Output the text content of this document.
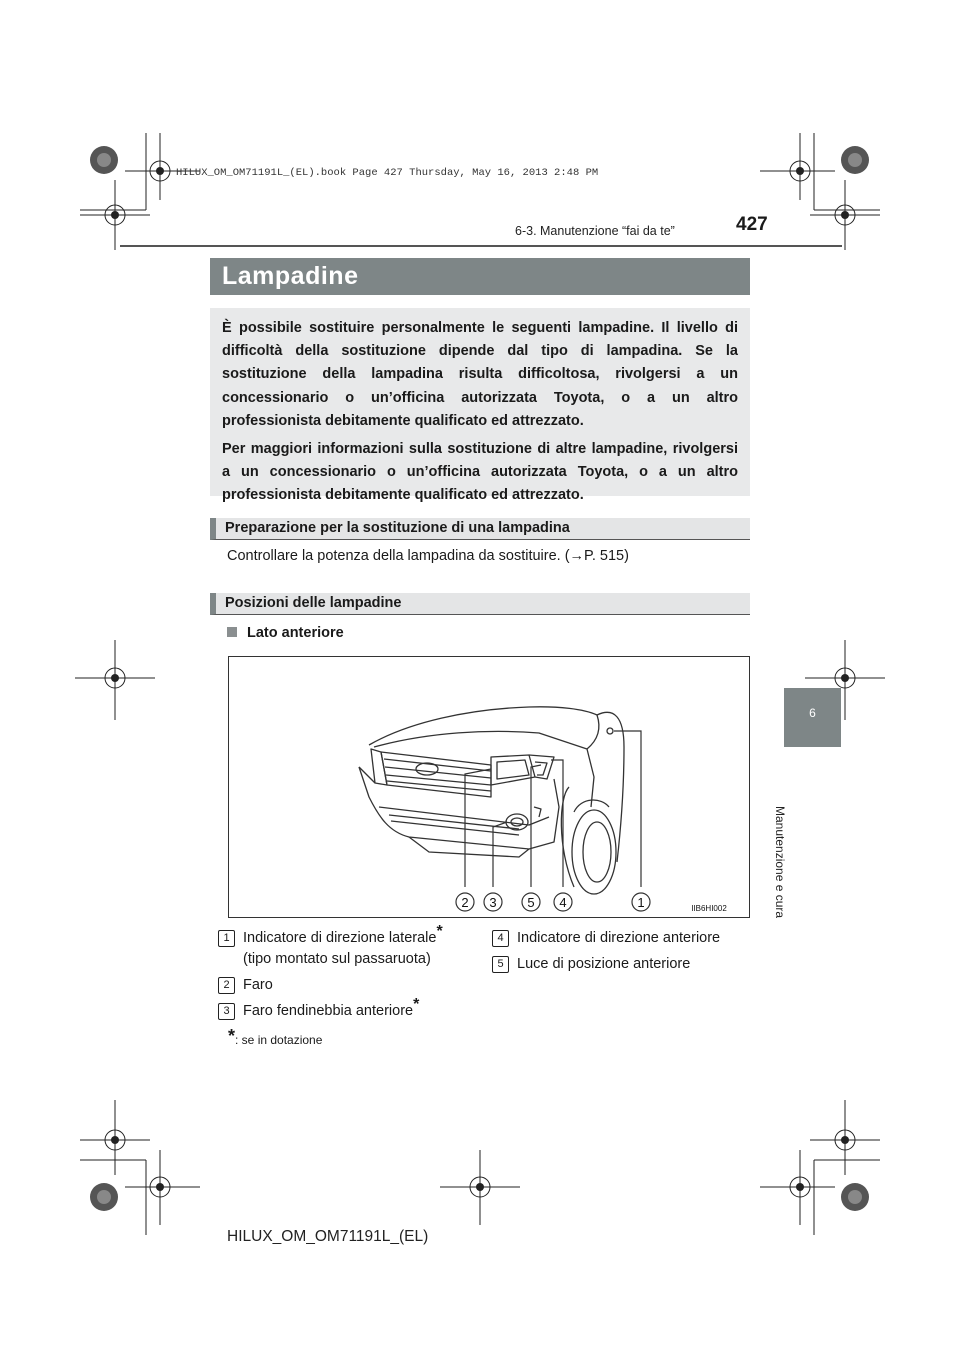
HILUX_OM_OM71191L_(EL).book Page 427 Thursday, May 16, 2013 2:48 PM
6-3. Manutenzione “fai da te”	427
Lampadine

È possibile sostituire personalmente le seguenti lampadine. Il livello di difficoltà della sostituzione dipende dal tipo di lampadina. Se la sostituzione della lampadina risulta difficoltosa, rivolgersi a un concessionario o un’officina autorizzata Toyota, o a un altro professionista debitamente qualificato ed attrezzato.

Per maggiori informazioni sulla sostituzione di altre lampadine, rivolgersi a un concessionario o un’officina autorizzata Toyota, o a un altro professionista debitamente qualificato ed attrezzato.

Preparazione per la sostituzione di una lampadina
Controllare la potenza della lampadina da sostituire. (→P. 515)
Posizioni delle lampadine
Lato anteriore
2 3 5 4	1	IIB6HI002
1 Indicatore di direzione laterale*
(tipo montato sul passaruota)
2 Faro
3 Faro fendinebbia anteriore*
4 Indicatore di direzione anteriore
5 Luce di posizione anteriore
*: se in dotazione
6
Manutenzione e cura
HILUX_OM_OM71191L_(EL)
